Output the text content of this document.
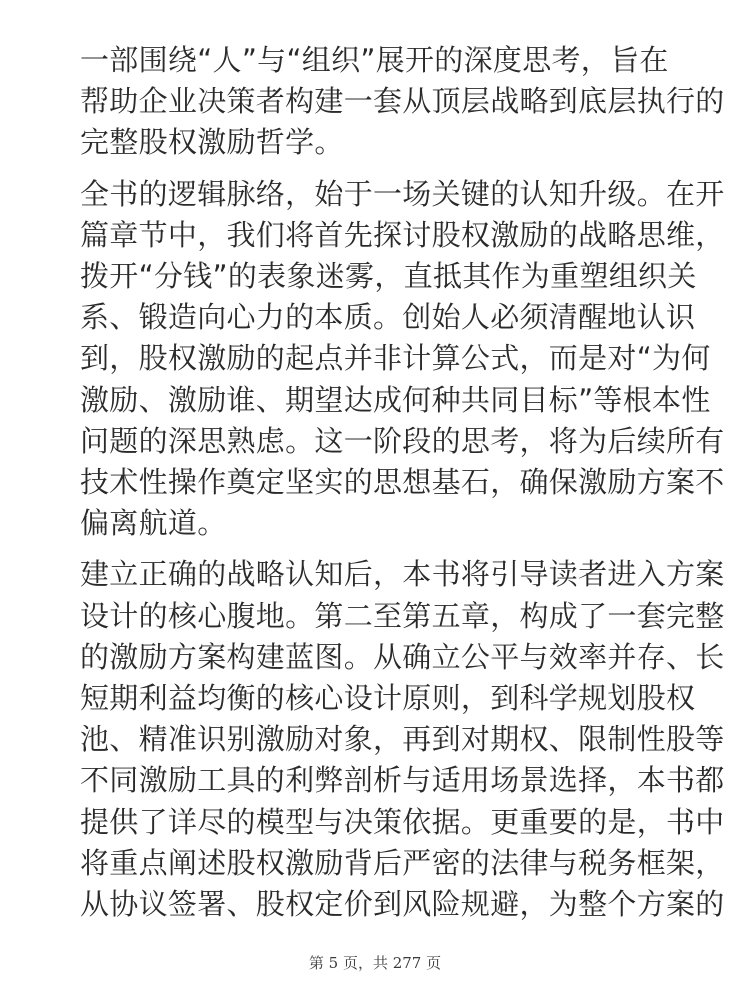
一部围绕“人”与“组织”展开的深度思考，旨在
帮助企业决策者构建一套从顶层战略到底层执行的
完整股权激励哲学。
全书的逻辑脉络，始于一场关键的认知升级。在开
篇章节中，我们将首先探讨股权激励的战略思维，
拨开“分钱”的表象迷雾，直抵其作为重塑组织关
系、锻造向心力的本质。创始人必须清醒地认识
到，股权激励的起点并非计算公式，而是对“为何
激励、激励谁、期望达成何种共同目标”等根本性
问题的深思熟虑。这一阶段的思考，将为后续所有
技术性操作奠定坚实的思想基石，确保激励方案不
偏离航道。
建立正确的战略认知后，本书将引导读者进入方案
设计的核心腹地。第二至第五章，构成了一套完整
的激励方案构建蓝图。从确立公平与效率并存、长
短期利益均衡的核心设计原则，到科学规划股权
池、精准识别激励对象，再到对期权、限制性股等
不同激励工具的利弊剖析与适用场景选择，本书都
提供了详尽的模型与决策依据。更重要的是，书中
将重点阐述股权激励背后严密的法律与税务框架，
从协议签署、股权定价到风险规避，为整个方案的
第 5 页，共 277 页
